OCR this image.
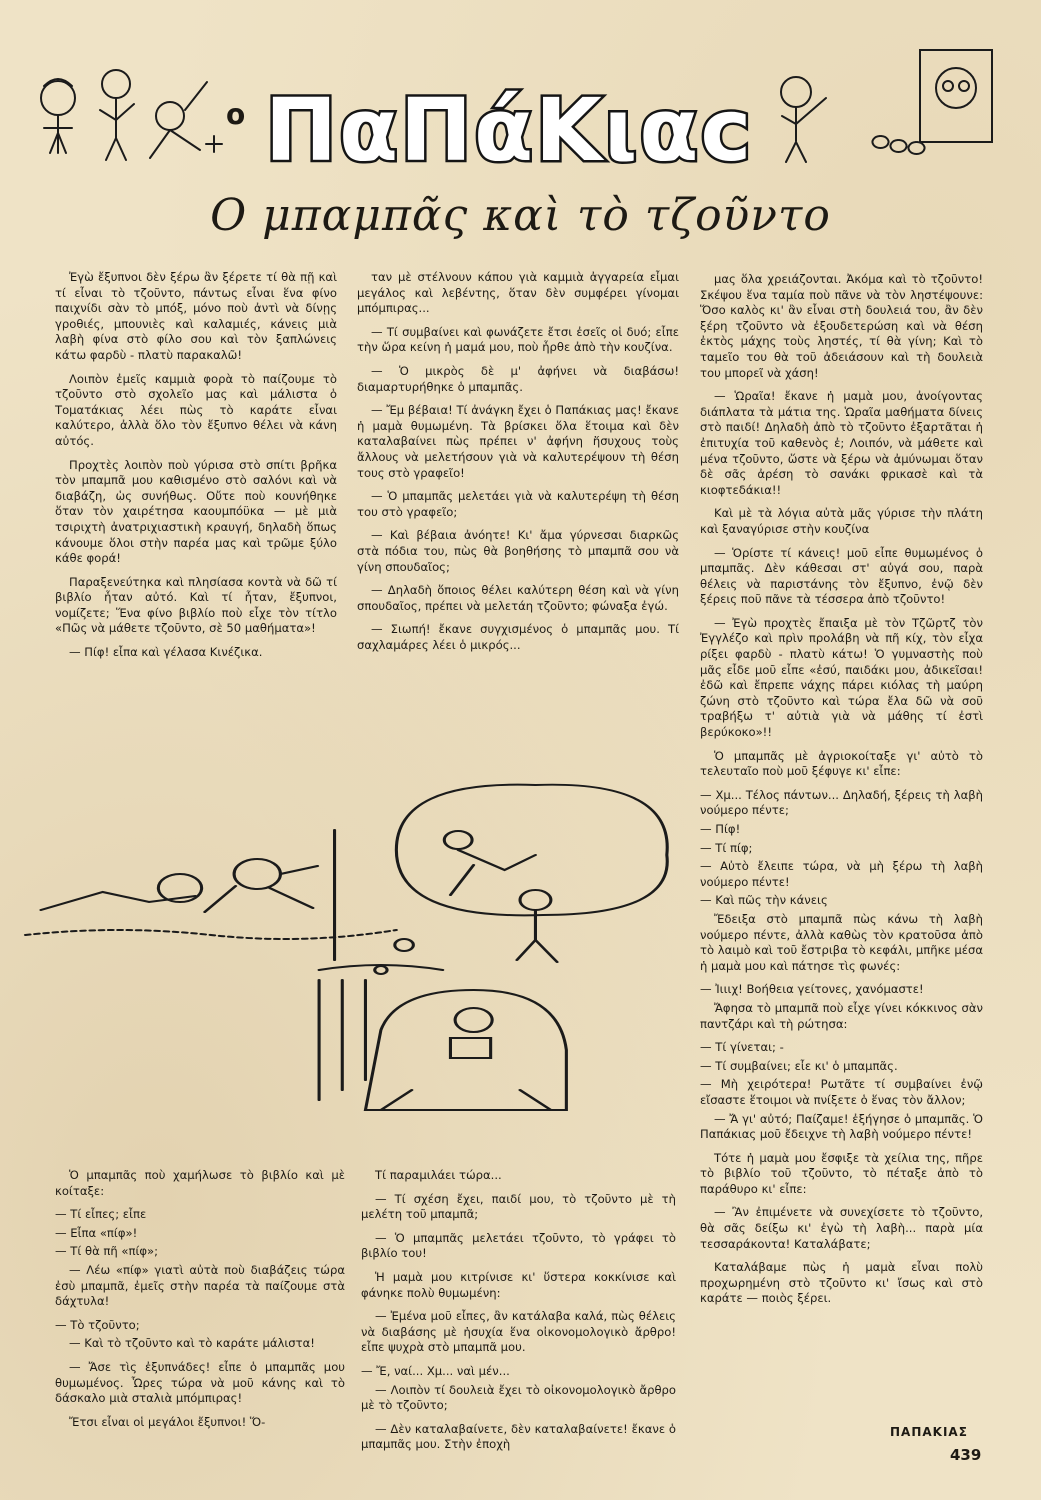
ο ΠαΠάΚιαc
Ο μπαμπᾶς καὶ τὸ τζοῦντο

Ἐγὼ ἔξυπνοι δὲν ξέρω ἂν ξέρετε τί θὰ πῇ καὶ τί εἶναι τὸ τζοῦντο, πάντως εἶναι ἕνα φίνο παιχνίδι σὰν τὸ μπόξ, μόνο ποὺ ἀντὶ νὰ δίνῃς γροθιές, μπουνιὲς καὶ καλαμιές, κάνεις μιὰ λαβὴ φίνα στὸ φίλο σου καὶ τὸν ξαπλώνεις κάτω φαρδὺ - πλατὺ παρακαλῶ!

Λοιπὸν ἐμεῖς καμμιὰ φορὰ τὸ παίζουμε τὸ τζοῦντο στὸ σχολεῖο μας καὶ μάλιστα ὁ Τοματάκιας λέει πὼς τὸ καράτε εἶναι καλύτερο, ἀλλὰ ὅλο τὸν ἔξυπνο θέλει νὰ κάνη αὐτός.

Προχτὲς λοιπὸν ποὺ γύρισα στὸ σπίτι βρῆκα τὸν μπαμπᾶ μου καθισμένο στὸ σαλόνι καὶ νὰ διαβάζη, ὡς συνήθως. Οὔτε ποὺ κουνήθηκε ὅταν τὸν χαιρέτησα καουμπόϋκα — μὲ μιὰ τσιριχτὴ ἀνατριχιαστικὴ κραυγή, δηλαδὴ ὅπως κάνουμε ὅλοι στὴν παρέα μας καὶ τρῶμε ξύλο κάθε φορά!

Παραξενεύτηκα καὶ πλησίασα κοντὰ νὰ δῶ τί βιβλίο ἦταν αὐτό. Καὶ τί ἦταν, ἔξυπνοι, νομίζετε; Ἕνα φίνο βιβλίο ποὺ εἶχε τὸν τίτλο «Πῶς νὰ μάθετε τζοῦντο, σὲ 50 μαθήματα»!

— Πίφ! εἶπα καὶ γέλασα Κινέζικα.

ταν μὲ στέλνουν κάπου γιὰ καμμιὰ ἀγγαρεία εἶμαι μεγάλος καὶ λεβέντης, ὅταν δὲν συμφέρει γίνομαι μπόμπιρας...

— Τί συμβαίνει καὶ φωνάζετε ἔτσι ἐσεῖς οἱ δυό; εἶπε τὴν ὥρα κείνη ἡ μαμά μου, ποὺ ἦρθε ἀπὸ τὴν κουζίνα.

— Ὁ μικρὸς δὲ μ' ἀφήνει νὰ διαβάσω! διαμαρτυρήθηκε ὁ μπαμπᾶς.

— Ἔμ βέβαια! Τί ἀνάγκη ἔχει ὁ Παπάκιας μας! ἔκανε ἡ μαμὰ θυμωμένη. Τὰ βρίσκει ὅλα ἕτοιμα καὶ δὲν καταλαβαίνει πὼς πρέπει ν' ἀφήνη ἥσυχους τοὺς ἄλλους νὰ μελετήσουν γιὰ νὰ καλυτερέψουν τὴ θέση τους στὸ γραφεῖο!

— Ὁ μπαμπᾶς μελετάει γιὰ νὰ καλυτερέψη τὴ θέση του στὸ γραφεῖο;

— Καὶ βέβαια ἀνόητε! Κι' ἄμα γύρνεσαι διαρκῶς στὰ πόδια του, πὼς θὰ βοηθήσης τὸ μπαμπᾶ σου νὰ γίνη σπουδαῖος;

— Δηλαδὴ ὅποιος θέλει καλύτερη θέση καὶ νὰ γίνη σπουδαῖος, πρέπει νὰ μελετάη τζοῦντο; φώναξα ἐγώ.

— Σιωπή! ἔκανε συγχισμένος ὁ μπαμπᾶς μου. Τί σαχλαμάρες λέει ὁ μικρός...

μας ὅλα χρειάζονται. Ἀκόμα καὶ τὸ τζοῦντο! Σκέψου ἕνα ταμία ποὺ πᾶνε νὰ τὸν ληστέψουνε: Ὅσο καλὸς κι' ἂν εἶναι στὴ δουλειά του, ἂν δὲν ξέρη τζοῦντο νὰ ἐξουδετερώση καὶ νὰ θέση ἐκτὸς μάχης τοὺς ληστές, τί θὰ γίνη; Καὶ τὸ ταμεῖο του θὰ τοῦ ἀδειάσουν καὶ τὴ δουλειὰ του μπορεῖ νὰ χάση!

— Ὡραῖα! ἔκανε ἡ μαμὰ μου, ἀνοίγοντας διάπλατα τὰ μάτια της. Ὡραῖα μαθήματα δίνεις στὸ παιδί! Δηλαδὴ ἀπὸ τὸ τζοῦντο ἐξαρτᾶται ἡ ἐπιτυχία τοῦ καθενὸς ἐ; Λοιπόν, νὰ μάθετε καὶ μένα τζοῦντο, ὥστε νὰ ξέρω νὰ ἀμύνωμαι ὅταν δὲ σᾶς ἀρέση τὸ σανάκι φρικασὲ καὶ τὰ κιοφτεδάκια!!

Καὶ μὲ τὰ λόγια αὐτὰ μᾶς γύρισε τὴν πλάτη καὶ ξαναγύρισε στὴν κουζίνα

— Ὁρίστε τί κάνεις! μοῦ εἶπε θυμωμένος ὁ μπαμπᾶς. Δὲν κάθεσαι στ' αὐγά σου, παρὰ θέλεις νὰ παριστάνης τὸν ἔξυπνο, ἐνῷ δὲν ξέρεις ποῦ πᾶνε τὰ τέσσερα ἀπὸ τζοῦντο!

— Ἐγὼ προχτὲς ἔπαιξα μὲ τὸν Τζῶρτζ τὸν Ἐγγλέζο καὶ πρὶν προλάβη νὰ πῆ κίχ, τὸν εἶχα ρίξει φαρδὺ - πλατὺ κάτω! Ὁ γυμναστὴς ποὺ μᾶς εἶδε μοῦ εἶπε «ἐσύ, παιδάκι μου, ἀδικεῖσαι! ἐδῶ καὶ ἔπρεπε νάχης πάρει κιόλας τὴ μαύρη ζώνη στὸ τζοῦντο καὶ τώρα ἔλα δῶ νὰ σοῦ τραβήξω τ' αὐτιὰ γιὰ νὰ μάθης τί ἐστὶ βερύκοκο»!!

Ὁ μπαμπᾶς μὲ ἀγριοκοίταξε γι' αὐτὸ τὸ τελευταῖο ποὺ μοῦ ξέφυγε κι' εἶπε:

— Χμ... Τέλος πάντων... Δηλαδή, ξέρεις τὴ λαβὴ νούμερο πέντε;

— Πίφ!

— Τί πίφ;

— Αὐτὸ ἔλειπε τώρα, νὰ μὴ ξέρω τὴ λαβὴ νούμερο πέντε!

— Καὶ πῶς τὴν κάνεις

Ἔδειξα στὸ μπαμπᾶ πὼς κάνω τὴ λαβὴ νούμερο πέντε, ἀλλὰ καθὼς τὸν κρατοῦσα ἀπὸ τὸ λαιμὸ καὶ τοῦ ἔστριβα τὸ κεφάλι, μπῆκε μέσα ἡ μαμὰ μου καὶ πάτησε τὶς φωνές:

— Ἰιιιχ! Βοήθεια γείτονες, χανόμαστε!

Ἄφησα τὸ μπαμπᾶ ποὺ εἶχε γίνει κόκκινος σὰν παντζάρι καὶ τὴ ρώτησα:

— Τί γίνεται; -

— Τί συμβαίνει; εἶε κι' ὁ μπαμπᾶς.

— Μὴ χειρότερα! Ρωτᾶτε τί συμβαίνει ἐνῷ εἴσαστε ἕτοιμοι νὰ πνίξετε ὁ ἕνας τὸν ἄλλον;

— Ἄ γι' αὐτό; Παίζαμε! ἐξήγησε ὁ μπαμπᾶς. Ὁ Παπάκιας μοῦ ἔδειχνε τὴ λαβὴ νούμερο πέντε!

Τότε ἡ μαμὰ μου ἔσφιξε τὰ χείλια της, πῆρε τὸ βιβλίο τοῦ τζοῦντο, τὸ πέταξε ἀπὸ τὸ παράθυρο κι' εἶπε:

— Ἂν ἐπιμένετε νὰ συνεχίσετε τὸ τζοῦντο, θὰ σᾶς δείξω κι' ἐγὼ τὴ λαβὴ... παρὰ μία τεσσαράκοντα! Καταλάβατε;

Καταλάβαμε πὼς ἡ μαμὰ εἶναι πολὺ προχωρημένη στὸ τζοῦντο κι' ἴσως καὶ στὸ καράτε — ποιὸς ξέρει.

Ὁ μπαμπᾶς ποὺ χαμήλωσε τὸ βιβλίο καὶ μὲ κοίταξε:

— Τί εἶπες; εἶπε

— Εἶπα «πίφ»!

— Τί θὰ πῆ «πίφ»;

— Λέω «πίφ» γιατὶ αὐτὰ ποὺ διαβάζεις τώρα ἐσὺ μπαμπᾶ, ἐμεῖς στὴν παρέα τὰ παίζουμε στὰ δάχτυλα!

— Τὸ τζοῦντο;

— Καὶ τὸ τζοῦντο καὶ τὸ καράτε μάλιστα!

— Ἄσε τὶς ἐξυπνάδες! εἶπε ὁ μπαμπᾶς μου θυμωμένος. Ὧρες τώρα νὰ μοῦ κάνης καὶ τὸ δάσκαλο μιὰ σταλιὰ μπόμπιρας!

Ἔτσι εἶναι οἱ μεγάλοι ἔξυπνοι! Ὅ-

Τί παραμιλάει τώρα...

— Τί σχέση ἔχει, παιδί μου, τὸ τζοῦντο μὲ τὴ μελέτη τοῦ μπαμπᾶ;

— Ὁ μπαμπᾶς μελετάει τζοῦντο, τὸ γράφει τὸ βιβλίο του!

Ἡ μαμὰ μου κιτρίνισε κι' ὕστερα κοκκίνισε καὶ φάνηκε πολὺ θυμωμένη:

— Ἐμένα μοῦ εἶπες, ἂν κατάλαβα καλά, πὼς θέλεις νὰ διαβάσης μὲ ἡσυχία ἕνα οἰκονομολογικὸ ἄρθρο! εἶπε ψυχρὰ στὸ μπαμπᾶ μου.

— Ἔ, ναί... Χμ... ναὶ μέν...

— Λοιπὸν τί δουλειὰ ἔχει τὸ οἰκονομολογικὸ ἄρθρο μὲ τὸ τζοῦντο;

— Δὲν καταλαβαίνετε, δὲν καταλαβαίνετε! ἔκανε ὁ μπαμπᾶς μου. Στὴν ἐποχὴ

ΠΑΠΑΚΙΑΣ
439
